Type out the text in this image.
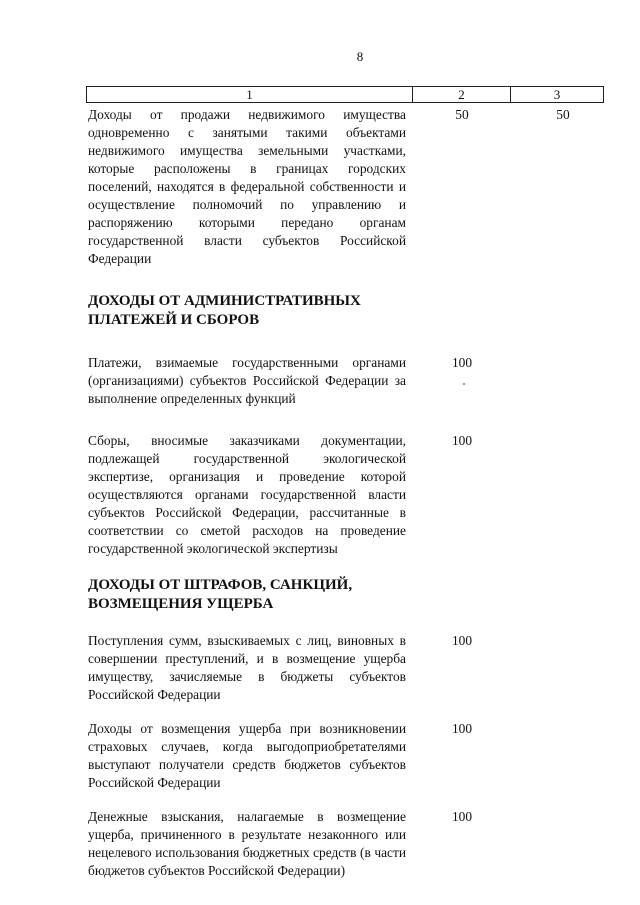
8
1	2	3
Доходы от продажи недвижимого имущества одновременно с занятыми такими объектами недвижимого имущества земельными участками, которые расположены в границах городских поселений, находятся в федеральной собственности и осуществление полномочий по управлению и распоряжению которыми передано органам государственной власти субъектов Российской Федерации
50	50
ДОХОДЫ ОТ АДМИНИСТРАТИВНЫХ ПЛАТЕЖЕЙ И СБОРОВ
Платежи, взимаемые государственными органами (организациями) субъектов Российской Федерации за выполнение определенных функций
100
Сборы, вносимые заказчиками документации, подлежащей государственной экологической экспертизе, организация и проведение которой осуществляются органами государственной власти субъектов Российской Федерации, рассчитанные в соответствии со сметой расходов на проведение государственной экологической экспертизы
100
ДОХОДЫ ОТ ШТРАФОВ, САНКЦИЙ, ВОЗМЕЩЕНИЯ УЩЕРБА
Поступления сумм, взыскиваемых с лиц, виновных в совершении преступлений, и в возмещение ущерба имуществу, зачисляемые в бюджеты субъектов Российской Федерации
100
Доходы от возмещения ущерба при возникновении страховых случаев, когда выгодоприобретателями выступают получатели средств бюджетов субъектов Российской Федерации
100
Денежные взыскания, налагаемые в возмещение ущерба, причиненного в результате незаконного или нецелевого использования бюджетных средств (в части бюджетов субъектов Российской Федерации)
100
